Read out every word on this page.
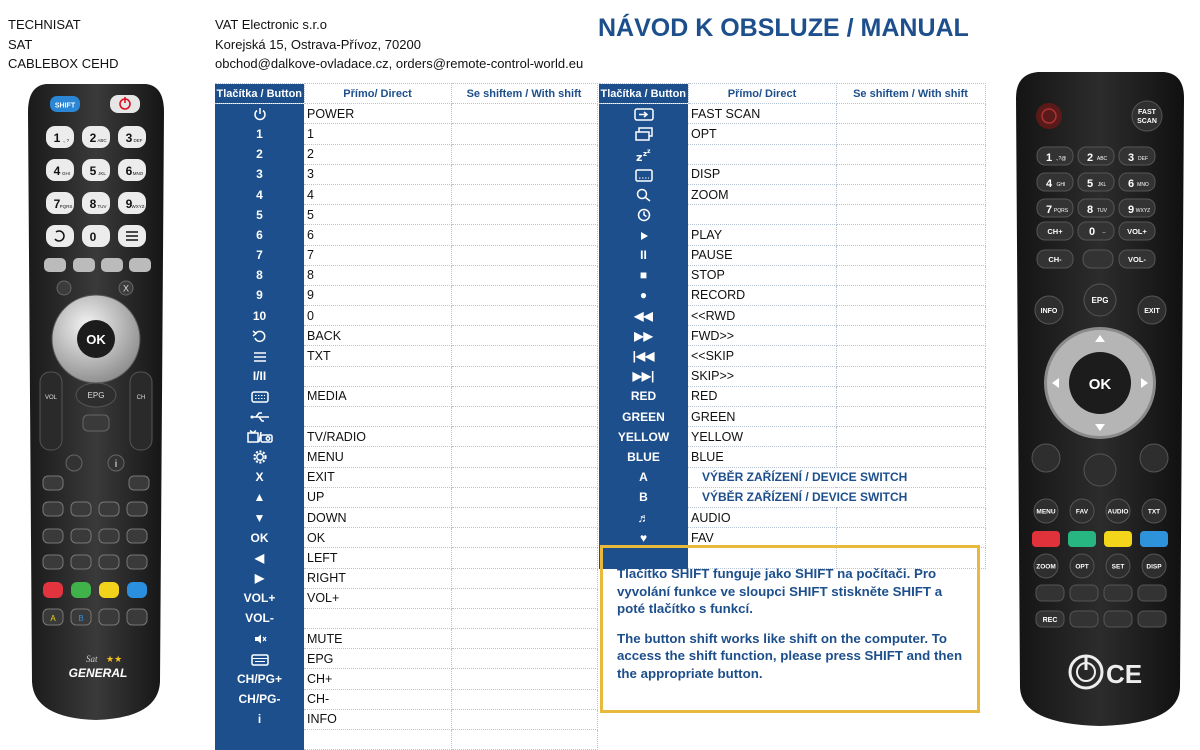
TECHNISAT
SAT
CABLEBOX CEHD
VAT Electronic s.r.o
Korejská 15, Ostrava-Přívoz, 70200
obchod@dalkove-ovladace.cz, orders@remote-control-world.eu
NÁVOD K OBSLUZE / MANUAL
Tlačítka / Button	Přímo/ Direct	Se shiftem / With shift
	POWER	
1	1	
2	2	
3	3	
4	4	
5	5	
6	6	
7	7	
8	8	
9	9	
10	0	
	BACK	
	TXT	
I/II		
	MEDIA	

	TV/RADIO	
	MENU	
X	EXIT	
▲	UP	
▼	DOWN	
OK	OK	
◀	LEFT	
▶	RIGHT	
VOL+	VOL+	
VOL-		
	MUTE	
	EPG	
CH/PG+	CH+	
CH/PG-	CH-	
i	INFO	

Tlačítka / Button	Přímo/ Direct	Se shiftem / With shift
	FAST SCAN	
	OPT	

z z z		

	DISP	
	ZOOM	

	PLAY	
II	PAUSE	
■	STOP	
●	RECORD	
◀◀	<<RWD	
▶▶	FWD>>	
|◀◀	<<SKIP	
▶▶|	SKIP>>	
RED	RED	
GREEN	GREEN	
YELLOW	YELLOW	
BLUE	BLUE	
A	VÝBĚR ZAŘÍZENÍ / DEVICE SWITCH	
B	VÝBĚR ZAŘÍZENÍ / DEVICE SWITCH	
♬	AUDIO	
♥	FAV	

Tlačítko SHIFT funguje jako SHIFT na počítači. Pro vyvolání funkce ve sloupci SHIFT stiskněte SHIFT a poté tlačítko s funkcí.

The button shift works like shift on the computer. To access the shift function, please press SHIFT and then the appropriate button.

SHIFT
1 ., ? 2 ABC 3 DEF
4 GHI 5 JKL 6 MNO
7 PQRS 8 TUV 9 WXYZ
0
X
OK
VOL	CH
EPG
i
A	B
Sat ★★
GENERAL
FAST
SCAN
1 .,?@ 2 ABC 3 DEF
4 GHI 5 JKL 6 MNO
7 PQRS 8 TUV 9 WXYZ
0 --
CH+	VOL+
CH-	VOL-
INFO
EPG
EXIT
OK
MENU	FAV	AUDIO	TXT
ZOOM	OPT	SET	DISP
REC
CE
